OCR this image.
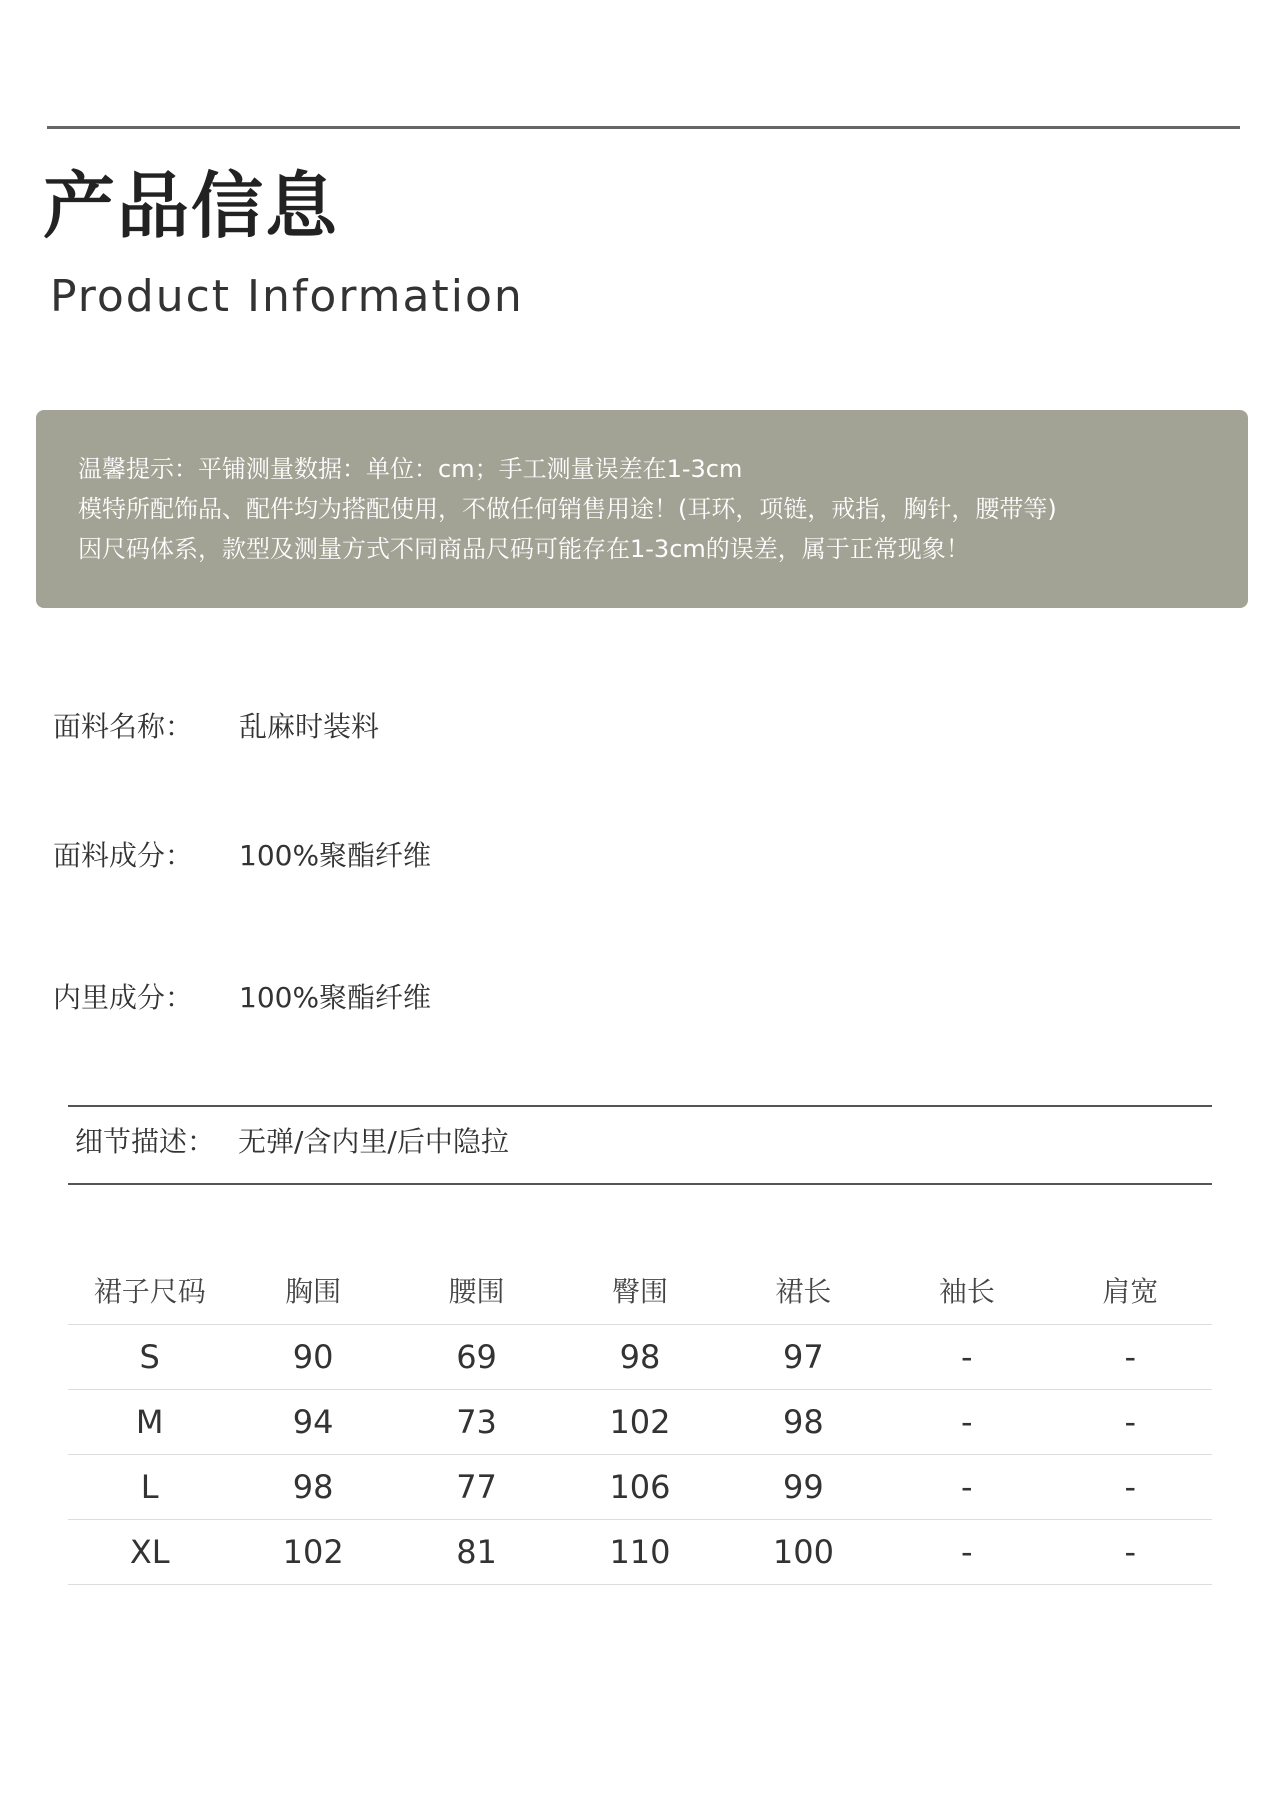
产品信息
Product Information
温馨提示：平铺测量数据：单位：cm；手工测量误差在1-3cm
模特所配饰品、配件均为搭配使用，不做任何销售用途！(耳环，项链，戒指，胸针，腰带等)
因尺码体系，款型及测量方式不同商品尺码可能存在1-3cm的误差，属于正常现象！
面料名称： 乱麻时装料
面料成分： 100%聚酯纤维
内里成分： 100%聚酯纤维
细节描述： 无弹/含内里/后中隐拉
裙子尺码	胸围	腰围	臀围	裙长	袖长	肩宽
S	90	69	98	97	-	-
M	94	73	102	98	-	-
L	98	77	106	99	-	-
XL	102	81	110	100	-	-
